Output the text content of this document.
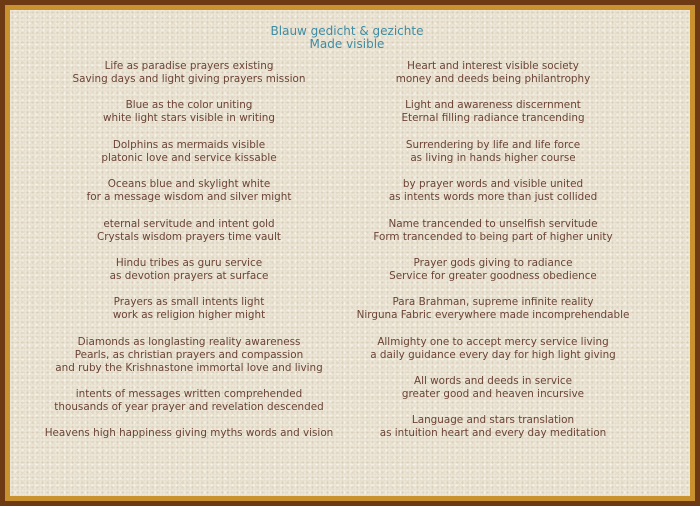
Blauw gedicht & gezichte
Made visible
Life as paradise prayers existing
Saving days and light giving prayers mission
Blue as the color uniting
white light stars visible in writing
Dolphins as mermaids visible
platonic love and service kissable
Oceans blue and skylight white
for a message wisdom and silver might
eternal servitude and intent gold
Crystals wisdom prayers time vault
Hindu tribes as guru service
as devotion prayers at surface
Prayers as small intents light
work as religion higher might
Diamonds as longlasting reality awareness
Pearls, as christian prayers and compassion
and ruby the Krishnastone immortal love and living
intents of messages written comprehended
thousands of year prayer and revelation descended
Heavens high happiness giving myths words and vision
Heart and interest visible society
money and deeds being philantrophy
Light and awareness discernment
Eternal filling radiance trancending
Surrendering by life and life force
as living in hands higher course
by prayer words and visible united
as intents words more than just collided
Name trancended to unselfish servitude
Form trancended to being part of higher unity
Prayer gods giving to radiance
Service for greater goodness obedience
Para Brahman, supreme infinite reality
Nirguna Fabric everywhere made incomprehendable
Allmighty one to accept mercy service living
a daily guidance every day for high light giving
All words and deeds in service
greater good and heaven incursive
Language and stars translation
as intuition heart and every day meditation
